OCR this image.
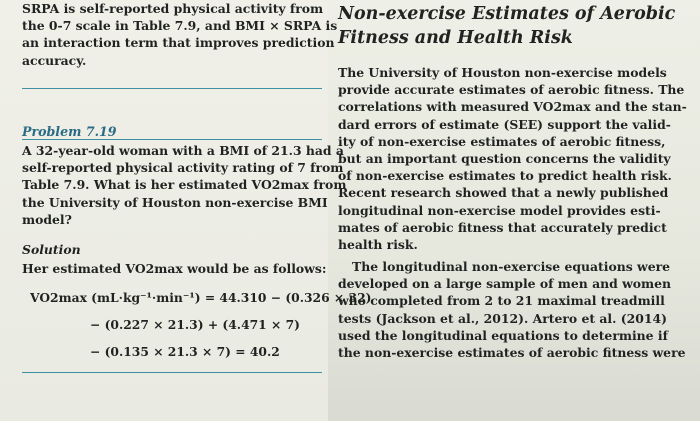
SRPA is self-reported physical activity from
the 0-7 scale in Table 7.9, and BMI × SRPA is
an interaction term that improves prediction
accuracy.
Problem 7.19
A 32-year-old woman with a BMI of 21.3 had a
self-reported physical activity rating of 7 from
Table 7.9. What is her estimated VO2max from
the University of Houston non-exercise BMI
model?
Solution
Her estimated VO2max would be as follows:
VO2max (mL·kg⁻¹·min⁻¹) = 44.310 − (0.326 × 32)
− (0.227 × 21.3) + (4.471 × 7)
− (0.135 × 21.3 × 7) = 40.2
Non-exercise Estimates of Aerobic
Fitness and Health Risk
The University of Houston non-exercise models
provide accurate estimates of aerobic fitness. The
correlations with measured VO2max and the stan-
dard errors of estimate (SEE) support the valid-
ity of non-exercise estimates of aerobic fitness,
but an important question concerns the validity
of non-exercise estimates to predict health risk.
Recent research showed that a newly published
longitudinal non-exercise model provides esti-
mates of aerobic fitness that accurately predict
health risk.
The longitudinal non-exercise equations were
developed on a large sample of men and women
who completed from 2 to 21 maximal treadmill
tests (Jackson et al., 2012). Artero et al. (2014)
used the longitudinal equations to determine if
the non-exercise estimates of aerobic fitness were
